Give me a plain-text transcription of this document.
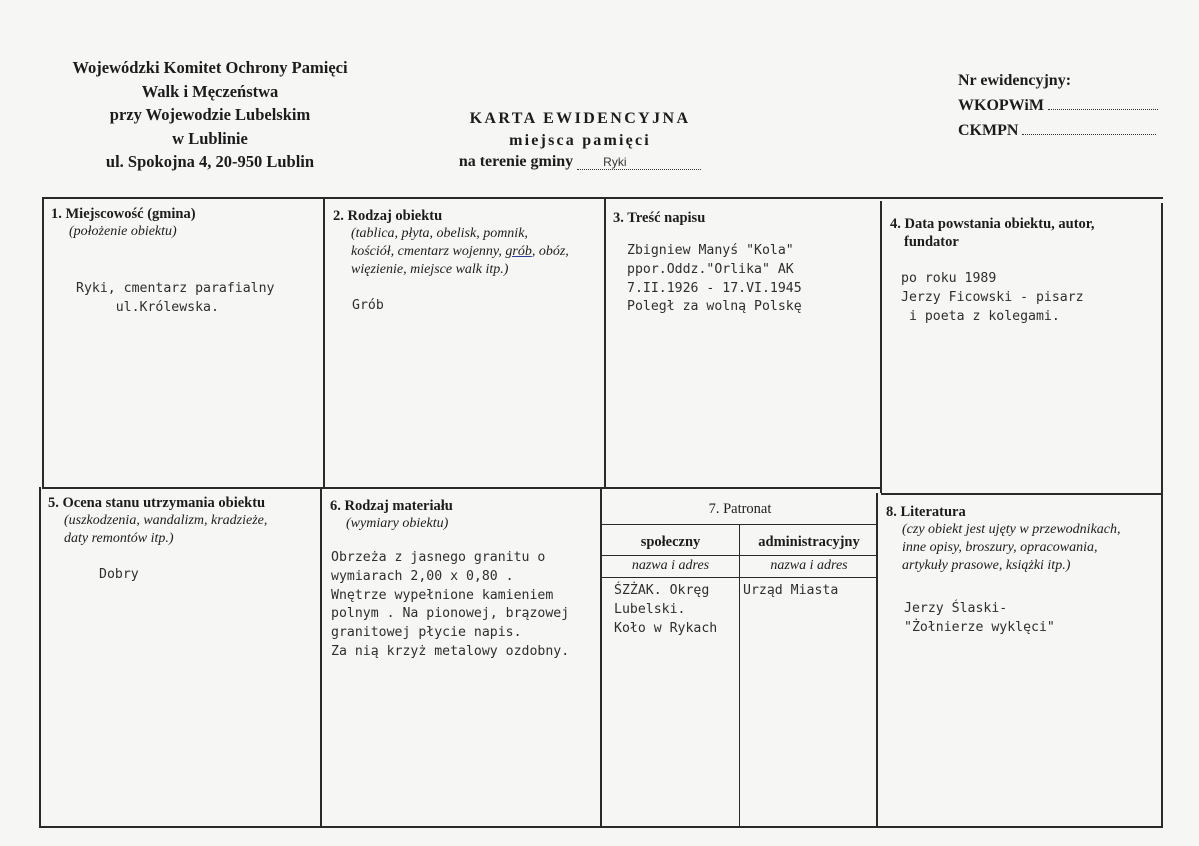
Wojewódzki Komitet Ochrony Pamięci
Walk i Męczeństwa
przy Wojewodzie Lubelskim
w Lublinie
ul. Spokojna 4, 20-950 Lublin
KARTA EWIDENCYJNA
miejsca pamięci
na terenie gminy	Ryki
Nr ewidencyjny:
WKOPWiM
CKMPN
1. Miejscowość (gmina)
(położenie obiektu)
Ryki, cmentarz parafialny
ul.Królewska.
2. Rodzaj obiektu
(tablica, płyta, obelisk, pomnik,
kościół, cmentarz wojenny, grób, obóz,
więzienie, miejsce walk itp.)
Grób
3. Treść napisu
Zbigniew Manyś "Kola"
ppor.Oddz."Orlika" AK
7.II.1926 - 17.VI.1945
Poległ za wolną Polskę
4. Data powstania obiektu, autor,
fundator
po roku 1989
Jerzy Ficowski - pisarz
i poeta z kolegami.
5. Ocena stanu utrzymania obiektu
(uszkodzenia, wandalizm, kradzieże,
daty remontów itp.)
Dobry
6. Rodzaj materiału
(wymiary obiektu)
Obrzeża z jasnego granitu o
wymiarach 2,00 x 0,80 .
Wnętrze wypełnione kamieniem
polnym . Na pionowej, brązowej
granitowej płycie napis.
Za nią krzyż metalowy ozdobny.
7. Patronat
społeczny	administracyjny
nazwa i adres	nazwa i adres
ŚZŻAK. Okręg
Lubelski.
Koło w Rykach
Urząd Miasta
8. Literatura
(czy obiekt jest ujęty w przewodnikach,
inne opisy, broszury, opracowania,
artykuły prasowe, książki itp.)
Jerzy Ślaski-
"Żołnierze wyklęci"
